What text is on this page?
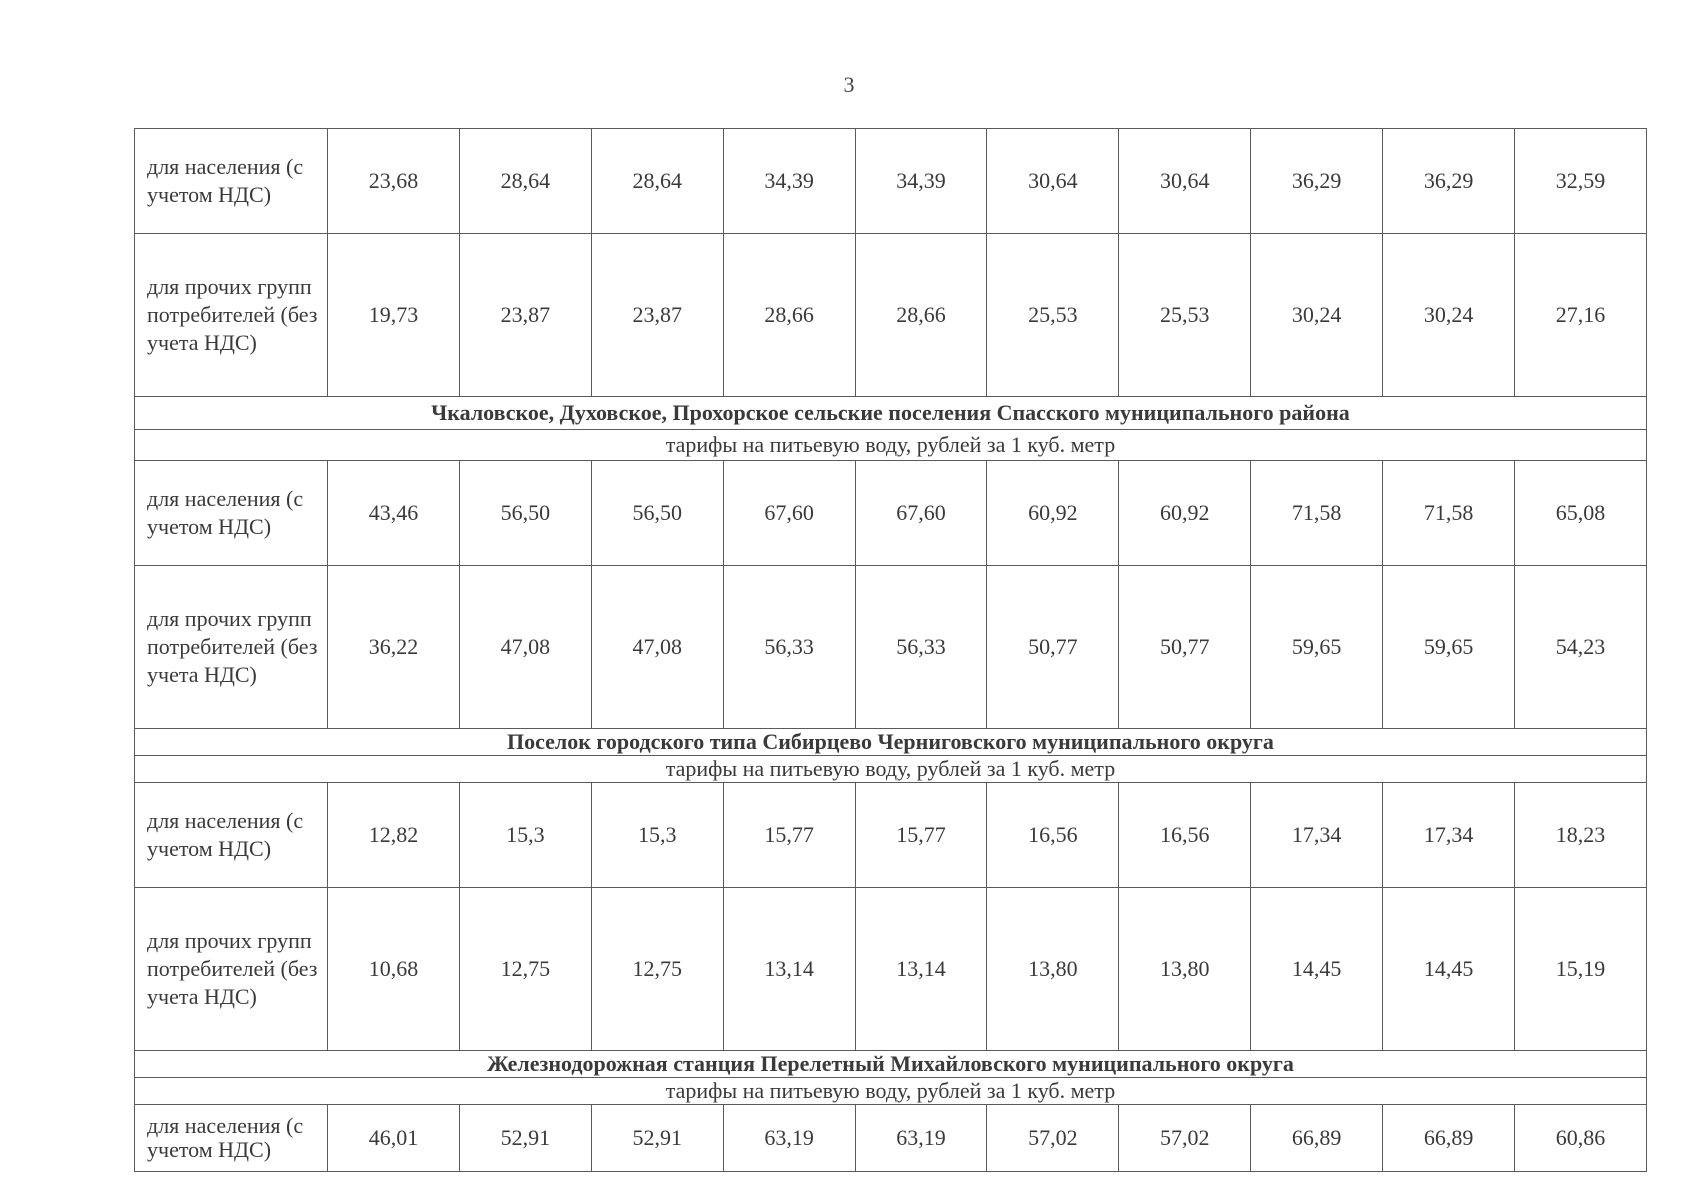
3
для населения (с учетом НДС)	23,68	28,64	28,64	34,39	34,39	30,64	30,64	36,29	36,29	32,59
для прочих групп потребителей (без учета НДС)	19,73	23,87	23,87	28,66	28,66	25,53	25,53	30,24	30,24	27,16
Чкаловское, Духовское, Прохорское сельские поселения Спасского муниципального района										
тарифы на питьевую воду, рублей за 1 куб. метр										
для населения (с учетом НДС)	43,46	56,50	56,50	67,60	67,60	60,92	60,92	71,58	71,58	65,08
для прочих групп потребителей (без учета НДС)	36,22	47,08	47,08	56,33	56,33	50,77	50,77	59,65	59,65	54,23
Поселок городского типа Сибирцево Черниговского муниципального округа										
тарифы на питьевую воду, рублей за 1 куб. метр										
для населения (с учетом НДС)	12,82	15,3	15,3	15,77	15,77	16,56	16,56	17,34	17,34	18,23
для прочих групп потребителей (без учета НДС)	10,68	12,75	12,75	13,14	13,14	13,80	13,80	14,45	14,45	15,19
Железнодорожная станция Перелетный Михайловского муниципального округа										
тарифы на питьевую воду, рублей за 1 куб. метр										
для населения (с учетом НДС)	46,01	52,91	52,91	63,19	63,19	57,02	57,02	66,89	66,89	60,86
